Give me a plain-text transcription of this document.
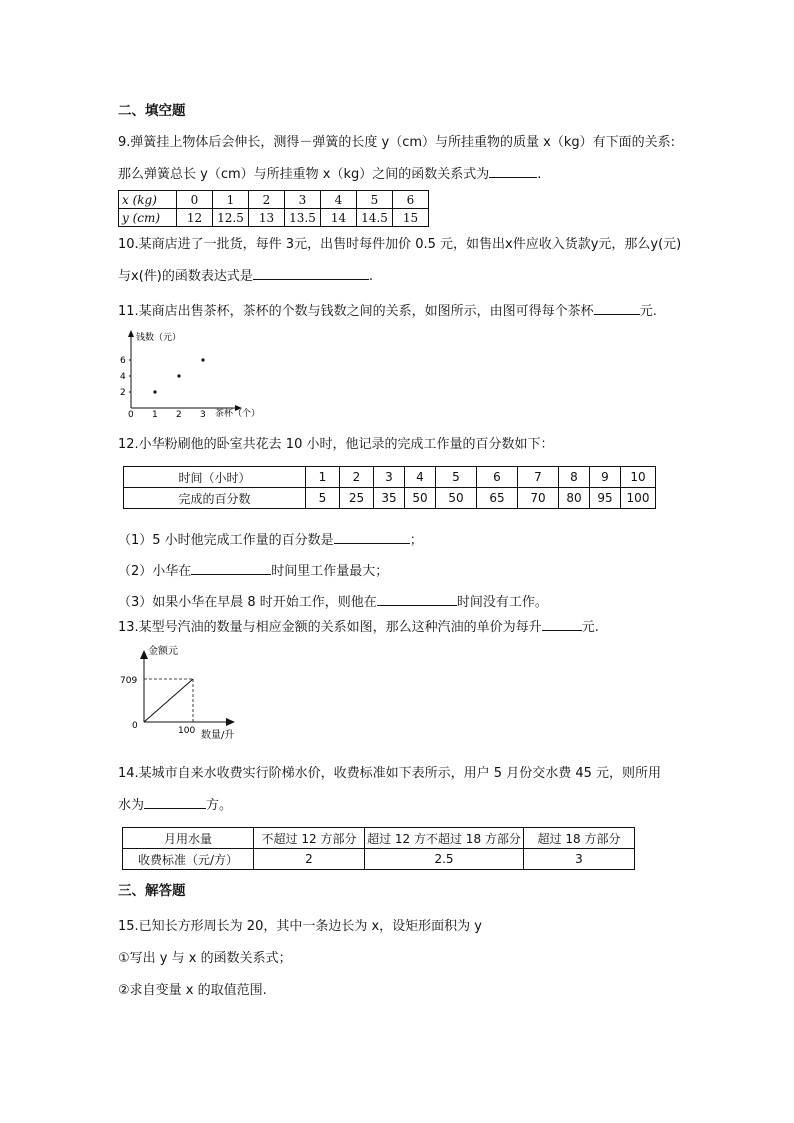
二、填空题
9.弹簧挂上物体后会伸长，测得－弹簧的长度 y（cm）与所挂重物的质量 x（kg）有下面的关系:
那么弹簧总长 y（cm）与所挂重物 x（kg）之间的函数关系式为	.
x (kg)	0	1	2	3	4	5	6
y (cm)	12	12.5	13	13.5	14	14.5	15
10.某商店进了一批货，每件 3元，出售时每件加价 0.5 元，如售出x件应收入货款y元，那么y(元)
与x(件)的函数表达式是	.
11.某商店出售茶杯，茶杯的个数与钱数之间的关系，如图所示，由图可得每个茶杯	元.
钱数（元）
茶杯（个）
0 1 2 3
2
4
6
12.小华粉刷他的卧室共花去 10 小时，他记录的完成工作量的百分数如下：
时间（小时）	1	2	3	4	5	6	7	8	9	10
完成的百分数	5	25	35	50	50	65	70	80	95	100
（1）5 小时他完成工作量的百分数是	；
（2）小华在	时间里工作量最大；
（3）如果小华在早晨 8 时开始工作，则他在	时间没有工作。
13.某型号汽油的数量与相应金额的关系如图，那么这种汽油的单价为每升	元.
金额元
数量/升
0
709
100
14.某城市自来水收费实行阶梯水价，收费标准如下表所示，用户 5 月份交水费 45 元，则所用
水为	方。
月用水量	不超过 12 方部分	超过 12 方不超过 18 方部分	超过 18 方部分
收费标准（元/方）	2	2.5	3
三、解答题
15.已知长方形周长为 20，其中一条边长为 x，设矩形面积为 y
①写出 y 与 x 的函数关系式；
②求自变量 x 的取值范围.
